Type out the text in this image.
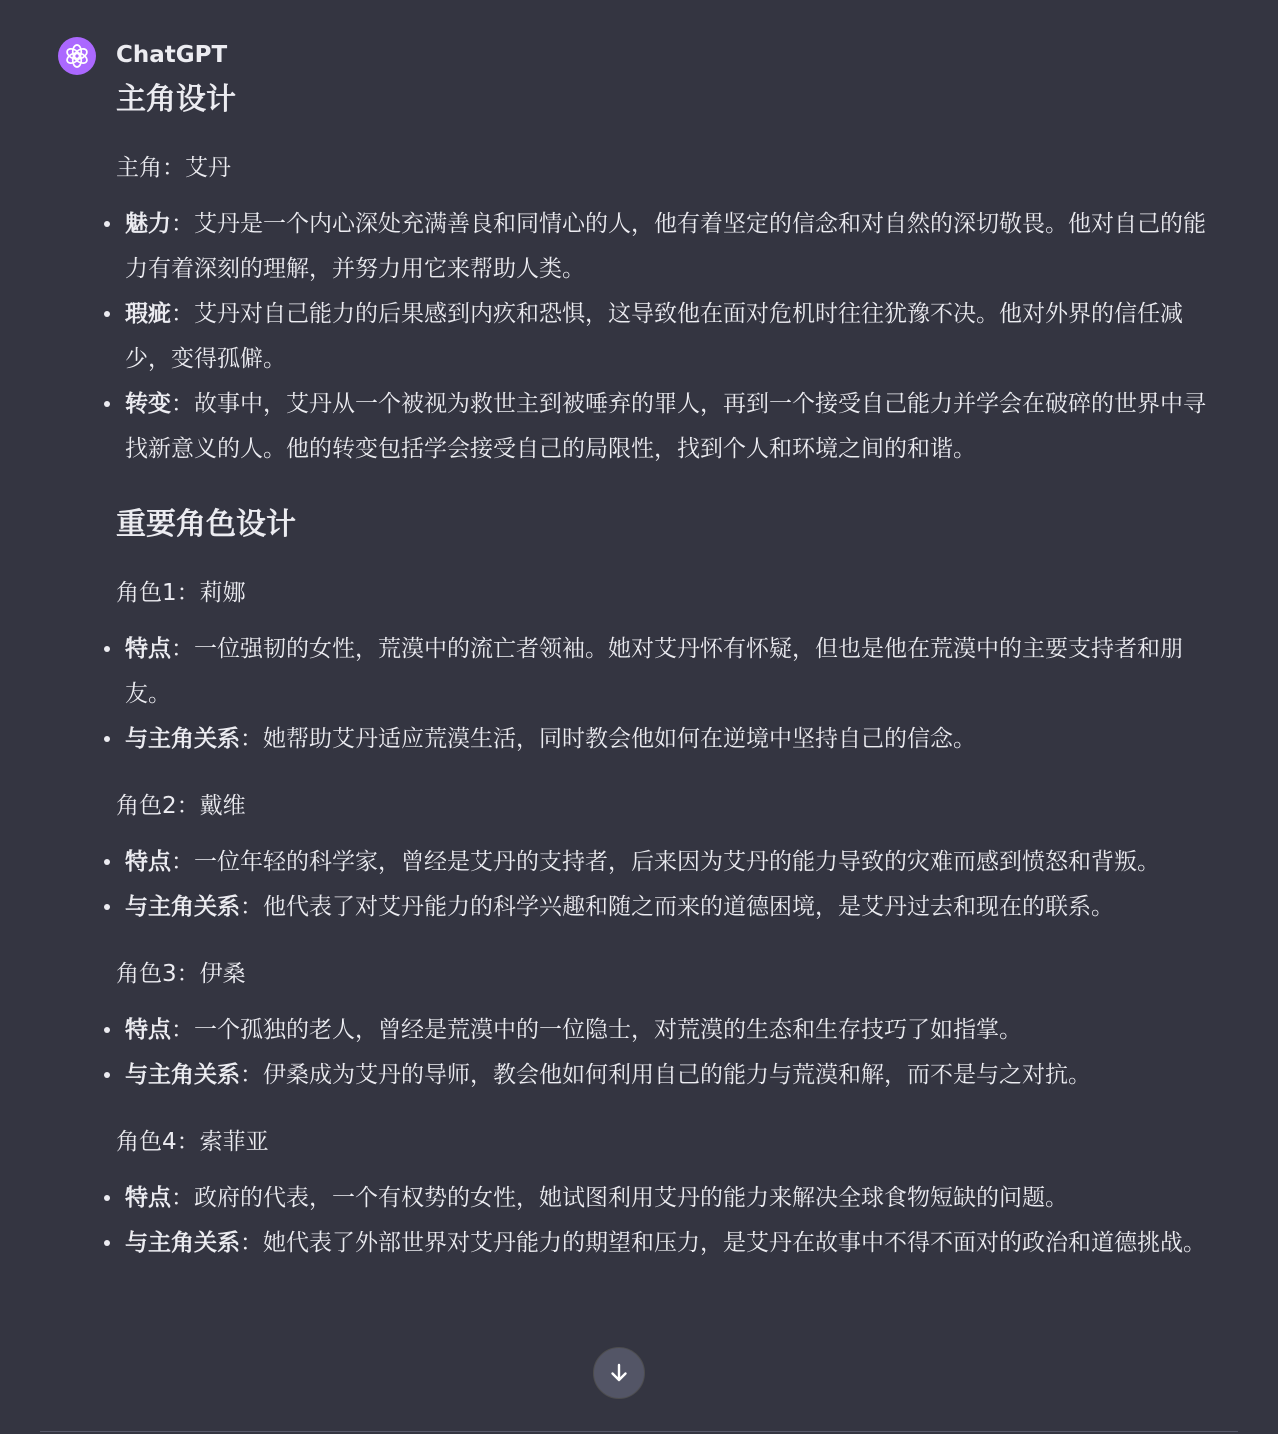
ChatGPT
主角设计

主角：艾丹

魅力：艾丹是一个内心深处充满善良和同情心的人，他有着坚定的信念和对自然的深切敬畏。他对自己的能力有着深刻的理解，并努力用它来帮助人类。
瑕疵：艾丹对自己能力的后果感到内疚和恐惧，这导致他在面对危机时往往犹豫不决。他对外界的信任减少，变得孤僻。
转变：故事中，艾丹从一个被视为救世主到被唾弃的罪人，再到一个接受自己能力并学会在破碎的世界中寻找新意义的人。他的转变包括学会接受自己的局限性，找到个人和环境之间的和谐。
重要角色设计

角色1：莉娜

特点：一位强韧的女性，荒漠中的流亡者领袖。她对艾丹怀有怀疑，但也是他在荒漠中的主要支持者和朋友。
与主角关系：她帮助艾丹适应荒漠生活，同时教会他如何在逆境中坚持自己的信念。

角色2：戴维

特点：一位年轻的科学家，曾经是艾丹的支持者，后来因为艾丹的能力导致的灾难而感到愤怒和背叛。
与主角关系：他代表了对艾丹能力的科学兴趣和随之而来的道德困境，是艾丹过去和现在的联系。

角色3：伊桑

特点：一个孤独的老人，曾经是荒漠中的一位隐士，对荒漠的生态和生存技巧了如指掌。
与主角关系：伊桑成为艾丹的导师，教会他如何利用自己的能力与荒漠和解，而不是与之对抗。

角色4：索菲亚

特点：政府的代表，一个有权势的女性，她试图利用艾丹的能力来解决全球食物短缺的问题。
与主角关系：她代表了外部世界对艾丹能力的期望和压力，是艾丹在故事中不得不面对的政治和道德挑战。
